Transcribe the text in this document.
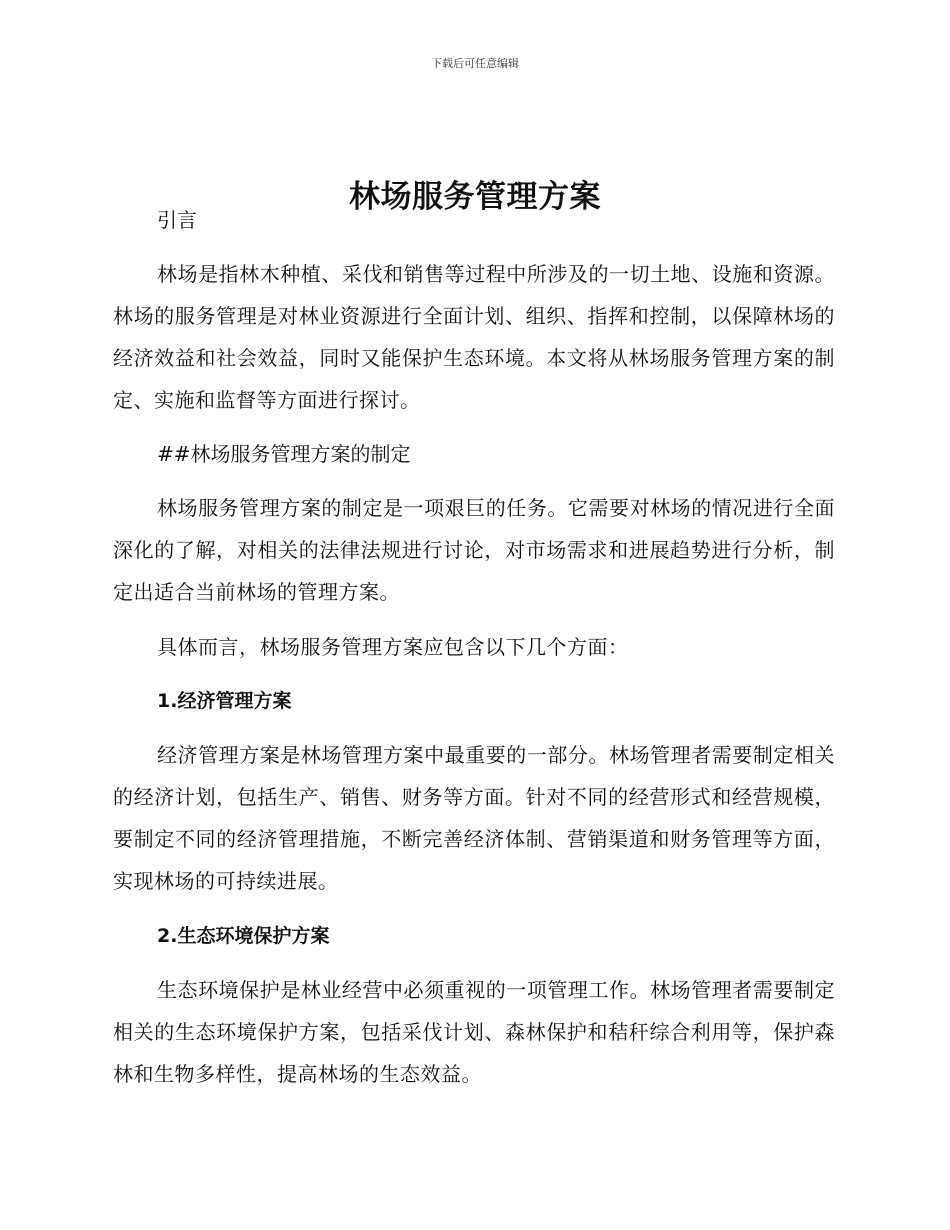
下载后可任意编辑
林场服务管理方案
引言

林场是指林木种植、采伐和销售等过程中所涉及的一切土地、设施和资源。林场的服务管理是对林业资源进行全面计划、组织、指挥和控制，以保障林场的经济效益和社会效益，同时又能保护生态环境。本文将从林场服务管理方案的制定、实施和监督等方面进行探讨。

##林场服务管理方案的制定

林场服务管理方案的制定是一项艰巨的任务。它需要对林场的情况进行全面深化的了解，对相关的法律法规进行讨论，对市场需求和进展趋势进行分析，制定出适合当前林场的管理方案。

具体而言，林场服务管理方案应包含以下几个方面：

1.经济管理方案

经济管理方案是林场管理方案中最重要的一部分。林场管理者需要制定相关的经济计划，包括生产、销售、财务等方面。针对不同的经营形式和经营规模，要制定不同的经济管理措施，不断完善经济体制、营销渠道和财务管理等方面，实现林场的可持续进展。

2.生态环境保护方案

生态环境保护是林业经营中必须重视的一项管理工作。林场管理者需要制定相关的生态环境保护方案，包括采伐计划、森林保护和秸秆综合利用等，保护森林和生物多样性，提高林场的生态效益。
